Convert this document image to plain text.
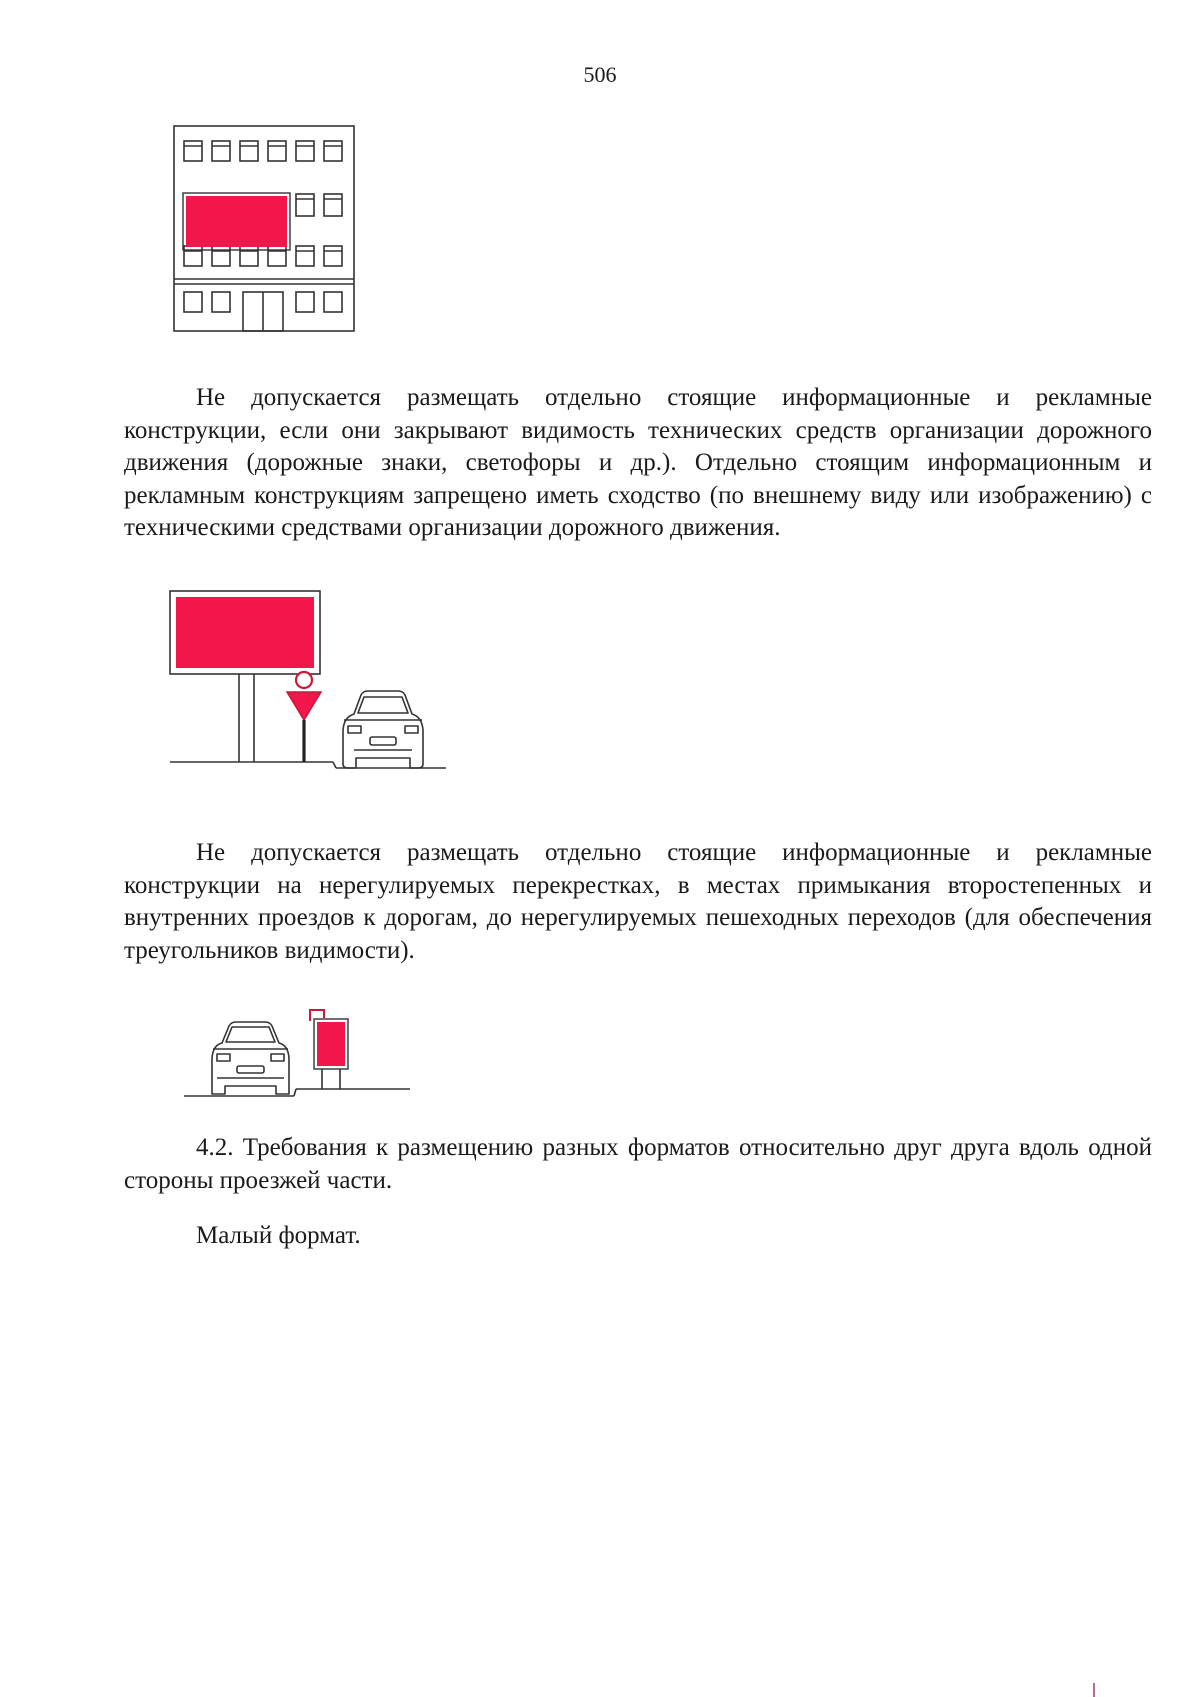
506

Не допускается размещать отдельно стоящие информационные и рекламные конструкции, если они закрывают видимость технических средств организации дорожного движения (дорожные знаки, светофоры и др.). Отдельно стоящим информационным и рекламным конструкциям запрещено иметь сходство (по внешнему виду или изображению) с техническими средствами организации дорожного движения.

Не допускается размещать отдельно стоящие информационные и рекламные конструкции на нерегулируемых перекрестках, в местах примыкания второстепенных и внутренних проездов к дорогам, до нерегулируемых пешеходных переходов (для обеспечения треугольников видимости).

4.2. Требования к размещению разных форматов относительно друг друга вдоль одной стороны проезжей части.

Малый формат.
